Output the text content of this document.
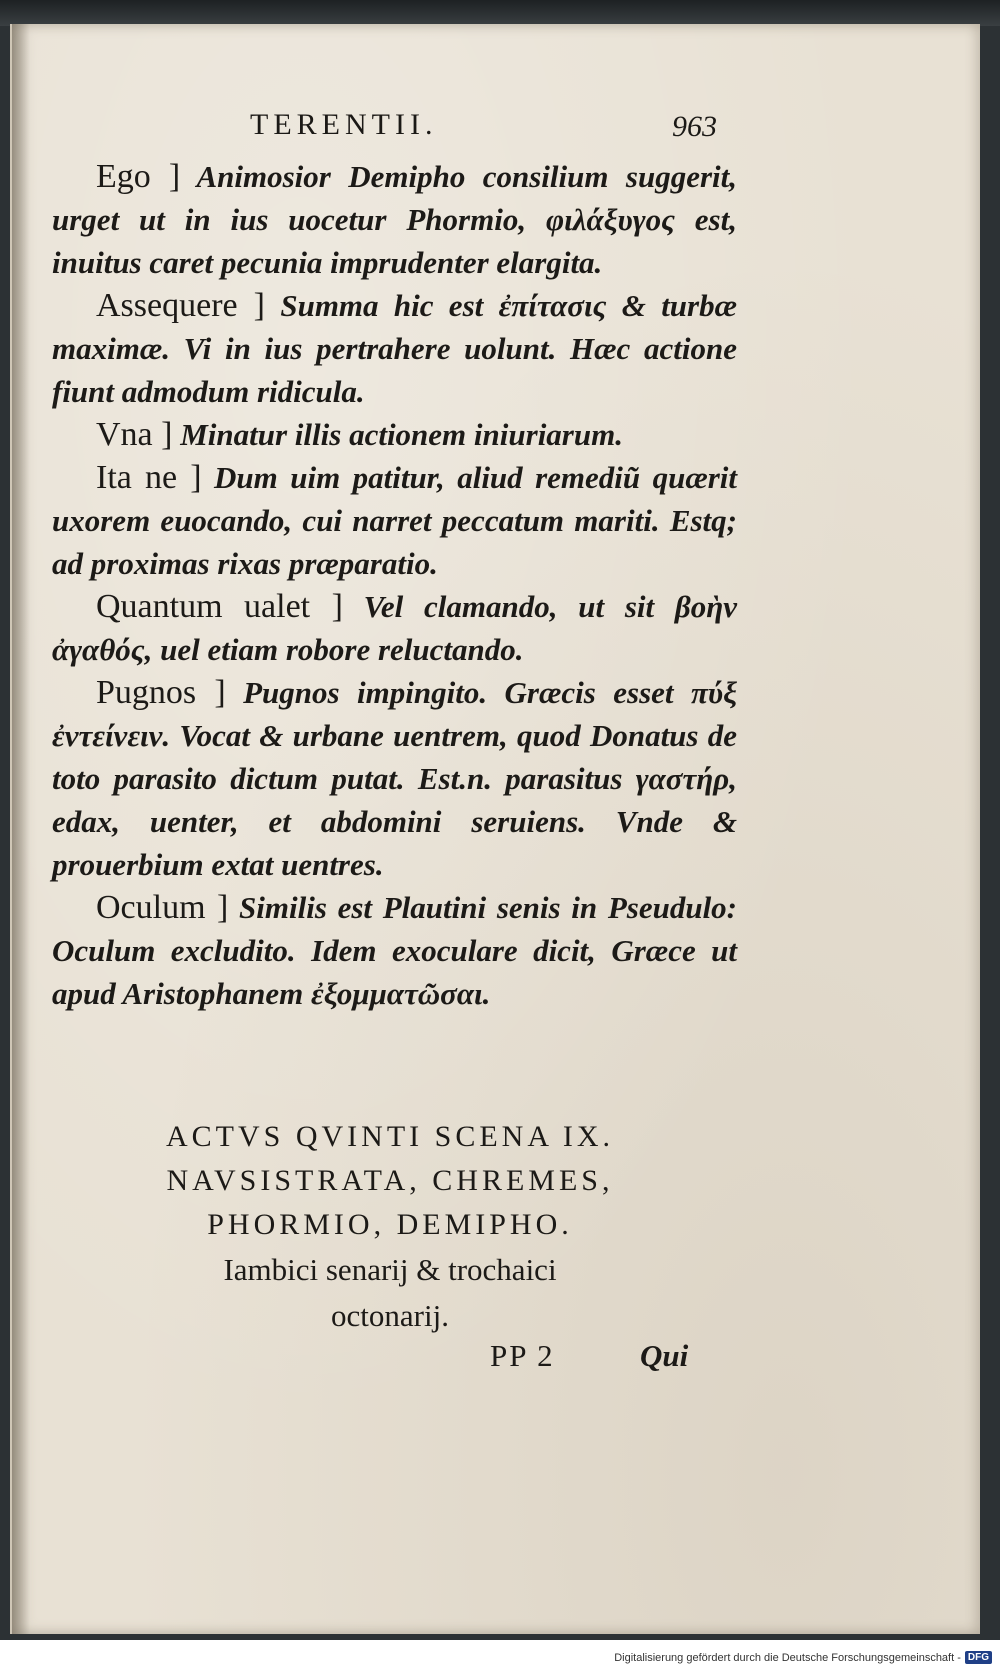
TERENTII.	963

Ego ] Animosior Demipho consilium suggerit, urget ut in ius uocetur Phormio, φιλάξυγος est, inuitus caret pecunia imprudenter elargita.

Assequere ] Summa hic est ἐπίτασις & turbæ maximæ. Vi in ius pertrahere uolunt. Hæc actione fiunt admodum ridicula.

Vna ] Minatur illis actionem iniuriarum.

Ita ne ] Dum uim patitur, aliud remediũ quærit uxorem euocando, cui narret peccatum mariti. Estq; ad proximas rixas præparatio.

Quantum ualet ] Vel clamando, ut sit βοὴν ἀγαθός, uel etiam robore reluctando.

Pugnos ] Pugnos impingito. Græcis esset πύξ ἐντείνειν. Vocat & urbane uentrem, quod Donatus de toto parasito dictum putat. Est.n. parasitus γαστήρ, edax, uenter, et abdomini seruiens. Vnde & prouerbium extat uentres.

Oculum ] Similis est Plautini senis in Pseudulo: Oculum excludito. Idem exoculare dicit, Græce ut apud Aristophanem ἐξομματῶσαι.

ACTVS QVINTI SCENA IX.
NAVSISTRATA, CHREMES,
PHORMIO, DEMIPHO.
Iambici senarij & trochaici
octonarij.
PP 2	Qui
Digitalisierung gefördert durch die Deutsche Forschungsgemeinschaft - DFG
